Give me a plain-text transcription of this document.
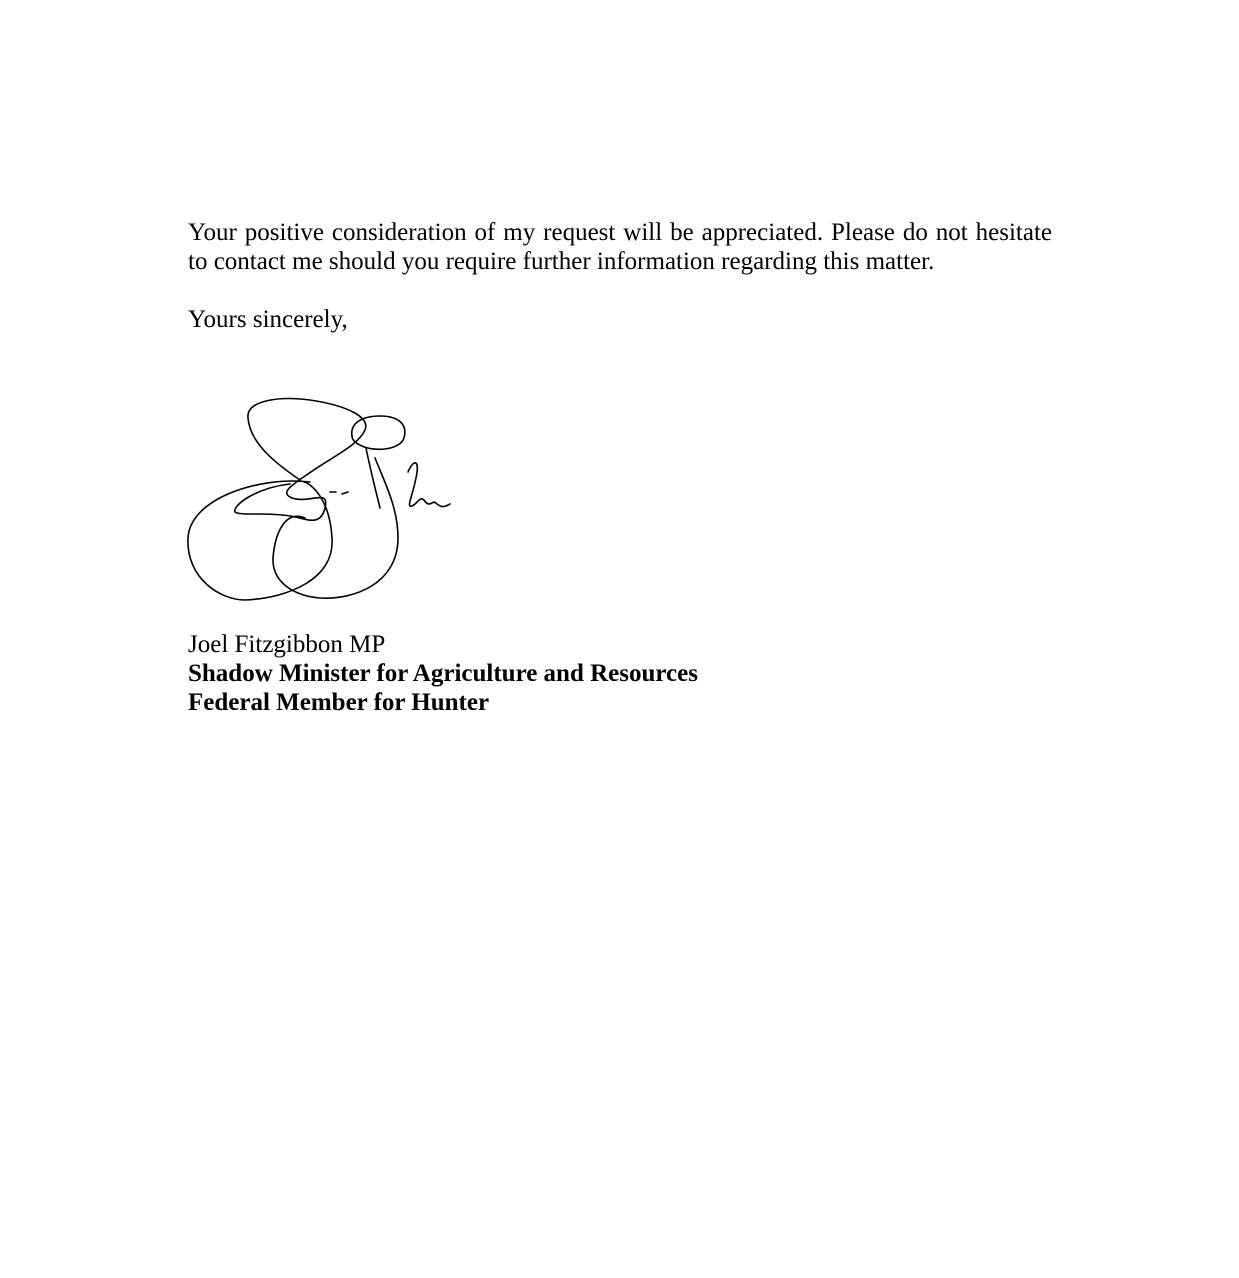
Your positive consideration of my request will be appreciated. Please do not hesitate to contact me should you require further information regarding this matter.

Yours sincerely,

Joel Fitzgibbon MP
Shadow Minister for Agriculture and Resources
Federal Member for Hunter
